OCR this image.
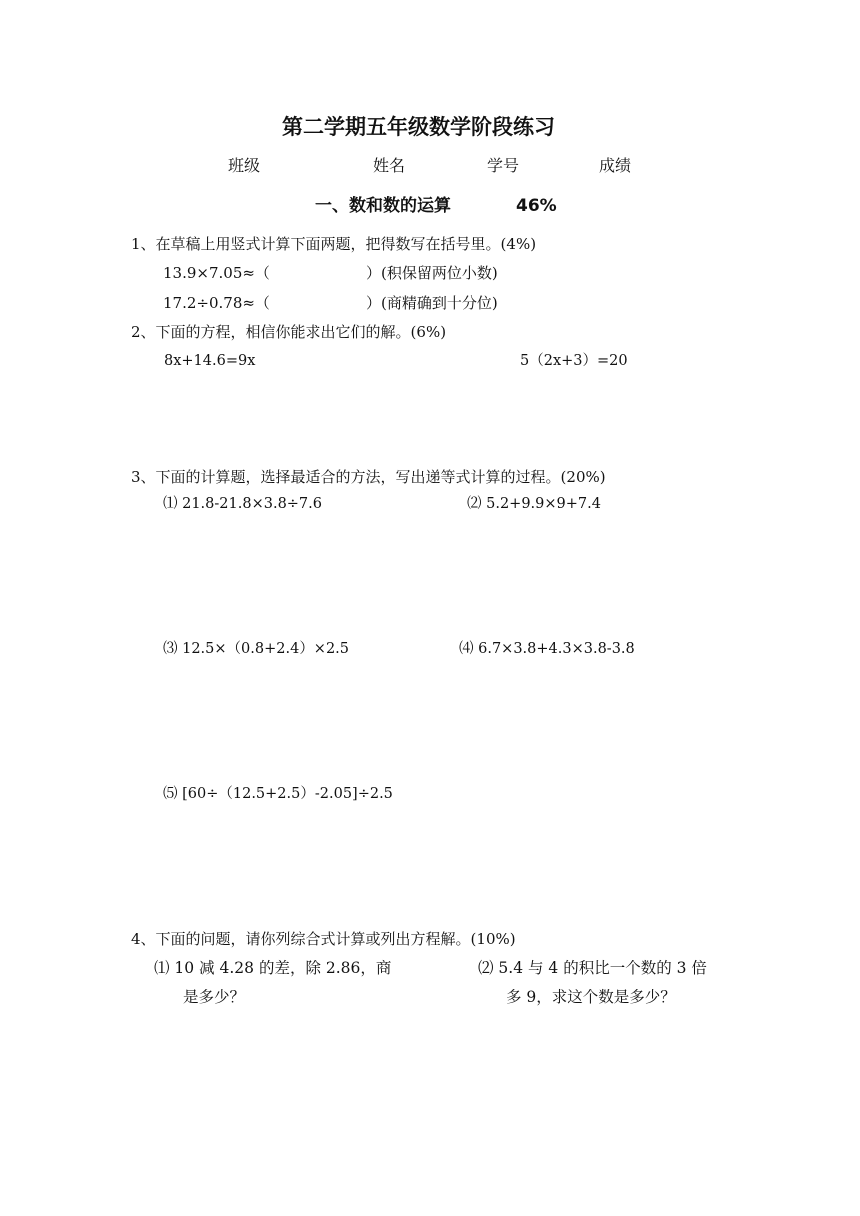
第二学期五年级数学阶段练习
班级	姓名	学号	成绩
一、数和数的运算	46%
1、在草稿上用竖式计算下面两题，把得数写在括号里。(4%)
13.9×7.05≈（	）(积保留两位小数)
17.2÷0.78≈（	）(商精确到十分位)
2、下面的方程，相信你能求出它们的解。(6%)
8x+14.6=9x	5（2x+3）=20
3、下面的计算题，选择最适合的方法，写出递等式计算的过程。(20%)
⑴ 21.8-21.8×3.8÷7.6	⑵ 5.2+9.9×9+7.4
⑶ 12.5×（0.8+2.4）×2.5	⑷ 6.7×3.8+4.3×3.8-3.8
⑸ [60÷（12.5+2.5）-2.05]÷2.5
4、下面的问题，请你列综合式计算或列出方程解。(10%)
⑴ 10 减 4.28 的差，除 2.86，商
是多少？
⑵ 5.4 与 4 的积比一个数的 3 倍
多 9，求这个数是多少？
